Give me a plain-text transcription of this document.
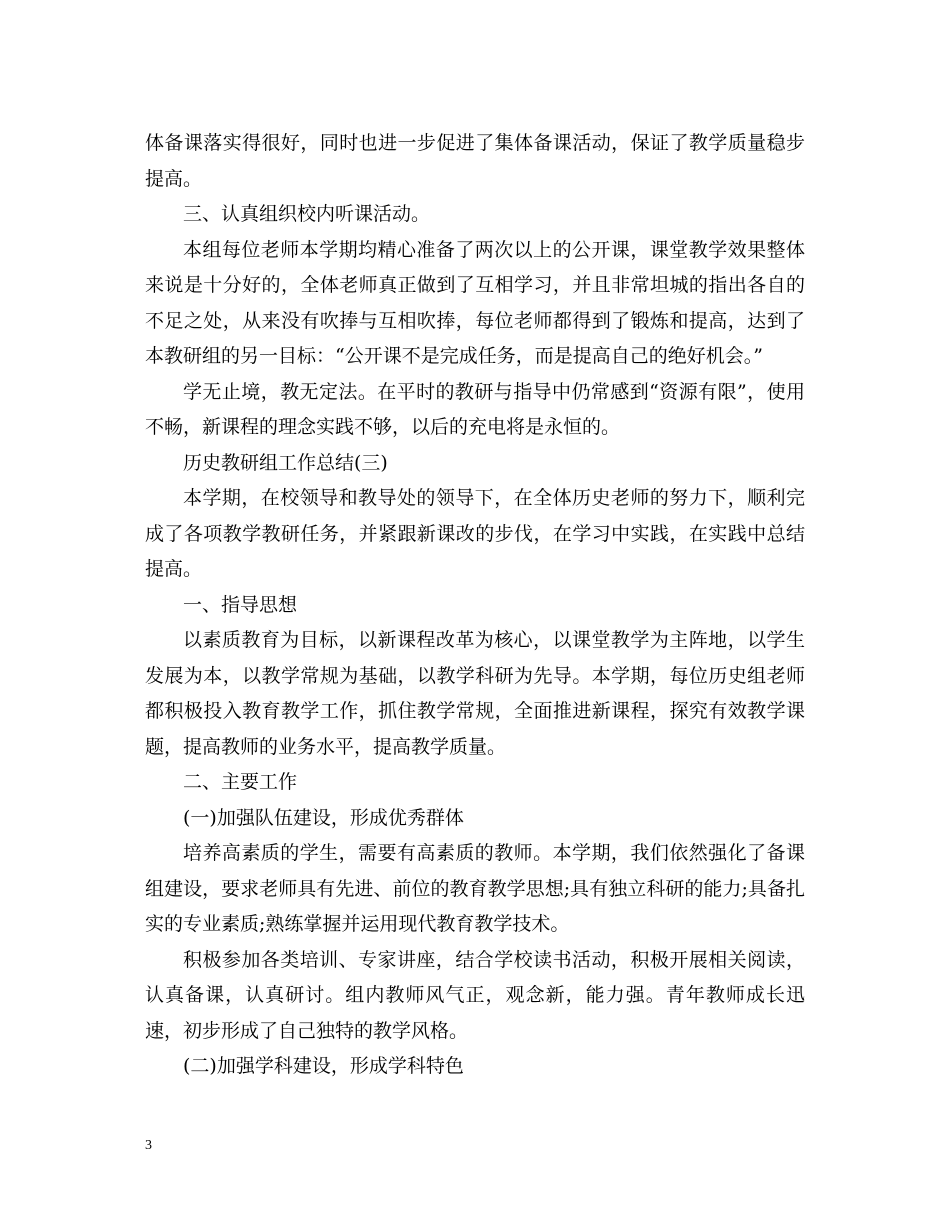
体备课落实得很好，同时也进一步促进了集体备课活动，保证了教学质量稳步提高。

三、认真组织校内听课活动。

本组每位老师本学期均精心准备了两次以上的公开课，课堂教学效果整体来说是十分好的，全体老师真正做到了互相学习，并且非常坦城的指出各自的不足之处，从来没有吹捧与互相吹捧，每位老师都得到了锻炼和提高，达到了本教研组的另一目标：“公开课不是完成任务，而是提高自己的绝好机会。”

学无止境，教无定法。在平时的教研与指导中仍常感到“资源有限”，使用不畅，新课程的理念实践不够，以后的充电将是永恒的。

历史教研组工作总结(三)

本学期，在校领导和教导处的领导下，在全体历史老师的努力下，顺利完成了各项教学教研任务，并紧跟新课改的步伐，在学习中实践，在实践中总结提高。

一、指导思想

以素质教育为目标，以新课程改革为核心，以课堂教学为主阵地，以学生发展为本，以教学常规为基础，以教学科研为先导。本学期，每位历史组老师都积极投入教育教学工作，抓住教学常规，全面推进新课程，探究有效教学课题，提高教师的业务水平，提高教学质量。

二、主要工作

(一)加强队伍建设，形成优秀群体

培养高素质的学生，需要有高素质的教师。本学期，我们依然强化了备课组建设，要求老师具有先进、前位的教育教学思想;具有独立科研的能力;具备扎实的专业素质;熟练掌握并运用现代教育教学技术。

积极参加各类培训、专家讲座，结合学校读书活动，积极开展相关阅读，认真备课，认真研讨。组内教师风气正，观念新，能力强。青年教师成长迅速，初步形成了自己独特的教学风格。

(二)加强学科建设，形成学科特色

3
